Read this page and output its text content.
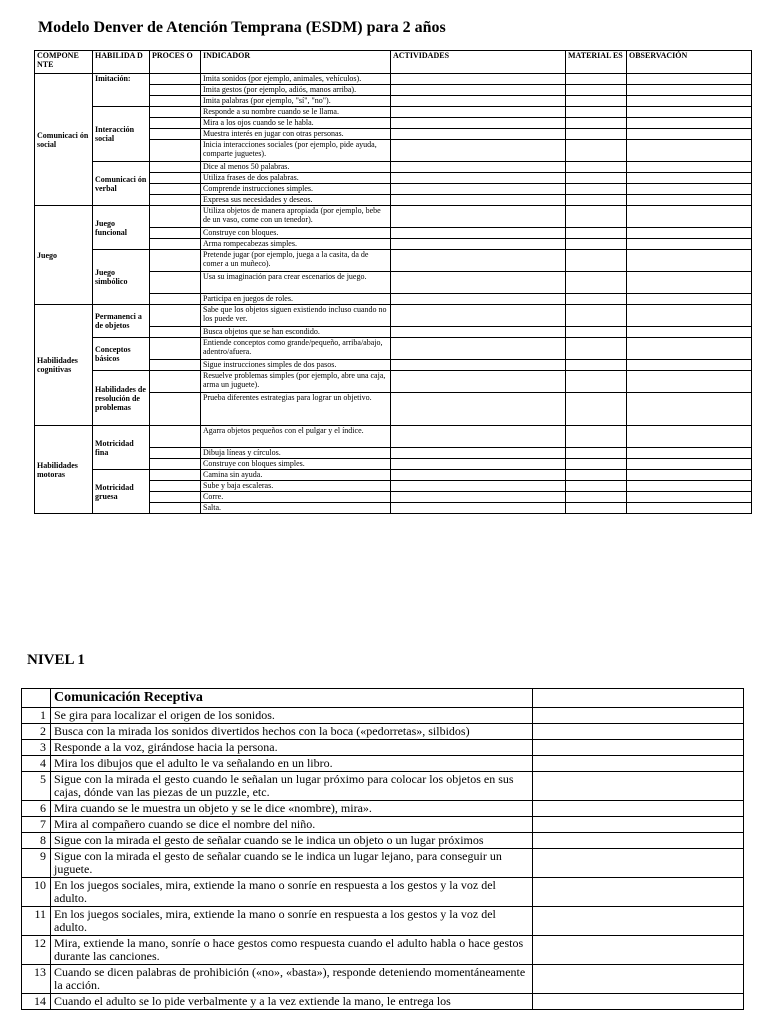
Modelo Denver de Atención Temprana (ESDM) para 2 años
COMPONE NTE	HABILIDA D	PROCES O	INDICADOR	ACTIVIDADES	MATERIAL ES	OBSERVACIÓN
Comunicaci ón social	Imitación:		Imita sonidos (por ejemplo, animales, vehículos).			
			Imita gestos (por ejemplo, adiós, manos arriba).			
			Imita palabras (por ejemplo, "sí", "no").			
	Interacción social		Responde a su nombre cuando se le llama.			
			Mira a los ojos cuando se le habla.			
			Muestra interés en jugar con otras personas.			
			Inicia interacciones sociales (por ejemplo, pide ayuda, comparte juguetes).			
	Comunicaci ón verbal		Dice al menos 50 palabras.			
			Utiliza frases de dos palabras.			
			Comprende instrucciones simples.			
			Expresa sus necesidades y deseos.			
Juego	Juego funcional		Utiliza objetos de manera apropiada (por ejemplo, bebe de un vaso, come con un tenedor).			
			Construye con bloques.			
			Arma rompecabezas simples.			
	Juego simbólico		Pretende jugar (por ejemplo, juega a la casita, da de comer a un muñeco).			
			Usa su imaginación para crear escenarios de juego.			
			Participa en juegos de roles.			
Habilidades cognitivas	Permanenci a de objetos		Sabe que los objetos siguen existiendo incluso cuando no los puede ver.			
			Busca objetos que se han escondido.			
	Conceptos básicos		Entiende conceptos como grande/pequeño, arriba/abajo, adentro/afuera.			
			Sigue instrucciones simples de dos pasos.			
	Habilidades de resolución de problemas		Resuelve problemas simples (por ejemplo, abre una caja, arma un juguete).			
			Prueba diferentes estrategias para lograr un objetivo.			
Habilidades motoras	Motricidad fina		Agarra objetos pequeños con el pulgar y el índice.			
			Dibuja líneas y círculos.			
			Construye con bloques simples.			
	Motricidad gruesa		Camina sin ayuda.			
			Sube y baja escaleras.			
			Corre.			
			Salta.			
NIVEL 1
	Comunicación Receptiva	
1	Se gira para localizar el origen de los sonidos.	
2	Busca con la mirada los sonidos divertidos hechos con la boca («pedorretas», silbidos)	
3	Responde a la voz, girándose hacia la persona.	
4	Mira los dibujos que el adulto le va señalando en un libro.	
5	Sigue con la mirada el gesto cuando le señalan un lugar próximo para colocar los objetos en sus cajas, dónde van las piezas de un puzzle, etc.	
6	Mira cuando se le muestra un objeto y se le dice «nombre), mira».	
7	Mira al compañero cuando se dice el nombre del niño.	
8	Sigue con la mirada el gesto de señalar cuando se le indica un objeto o un lugar próximos	
9	Sigue con la mirada el gesto de señalar cuando se le indica un lugar lejano, para conseguir un juguete.	
10	En los juegos sociales, mira, extiende la mano o sonríe en respuesta a los gestos y la voz del adulto.	
11	En los juegos sociales, mira, extiende la mano o sonríe en respuesta a los gestos y la voz del adulto.	
12	Mira, extiende la mano, sonríe o hace gestos como respuesta cuando el adulto habla o hace gestos durante las canciones.	
13	Cuando se dicen palabras de prohibición («no», «basta»), responde deteniendo momentáneamente la acción.	
14	Cuando el adulto se lo pide verbalmente y a la vez extiende la mano, le entrega los	
